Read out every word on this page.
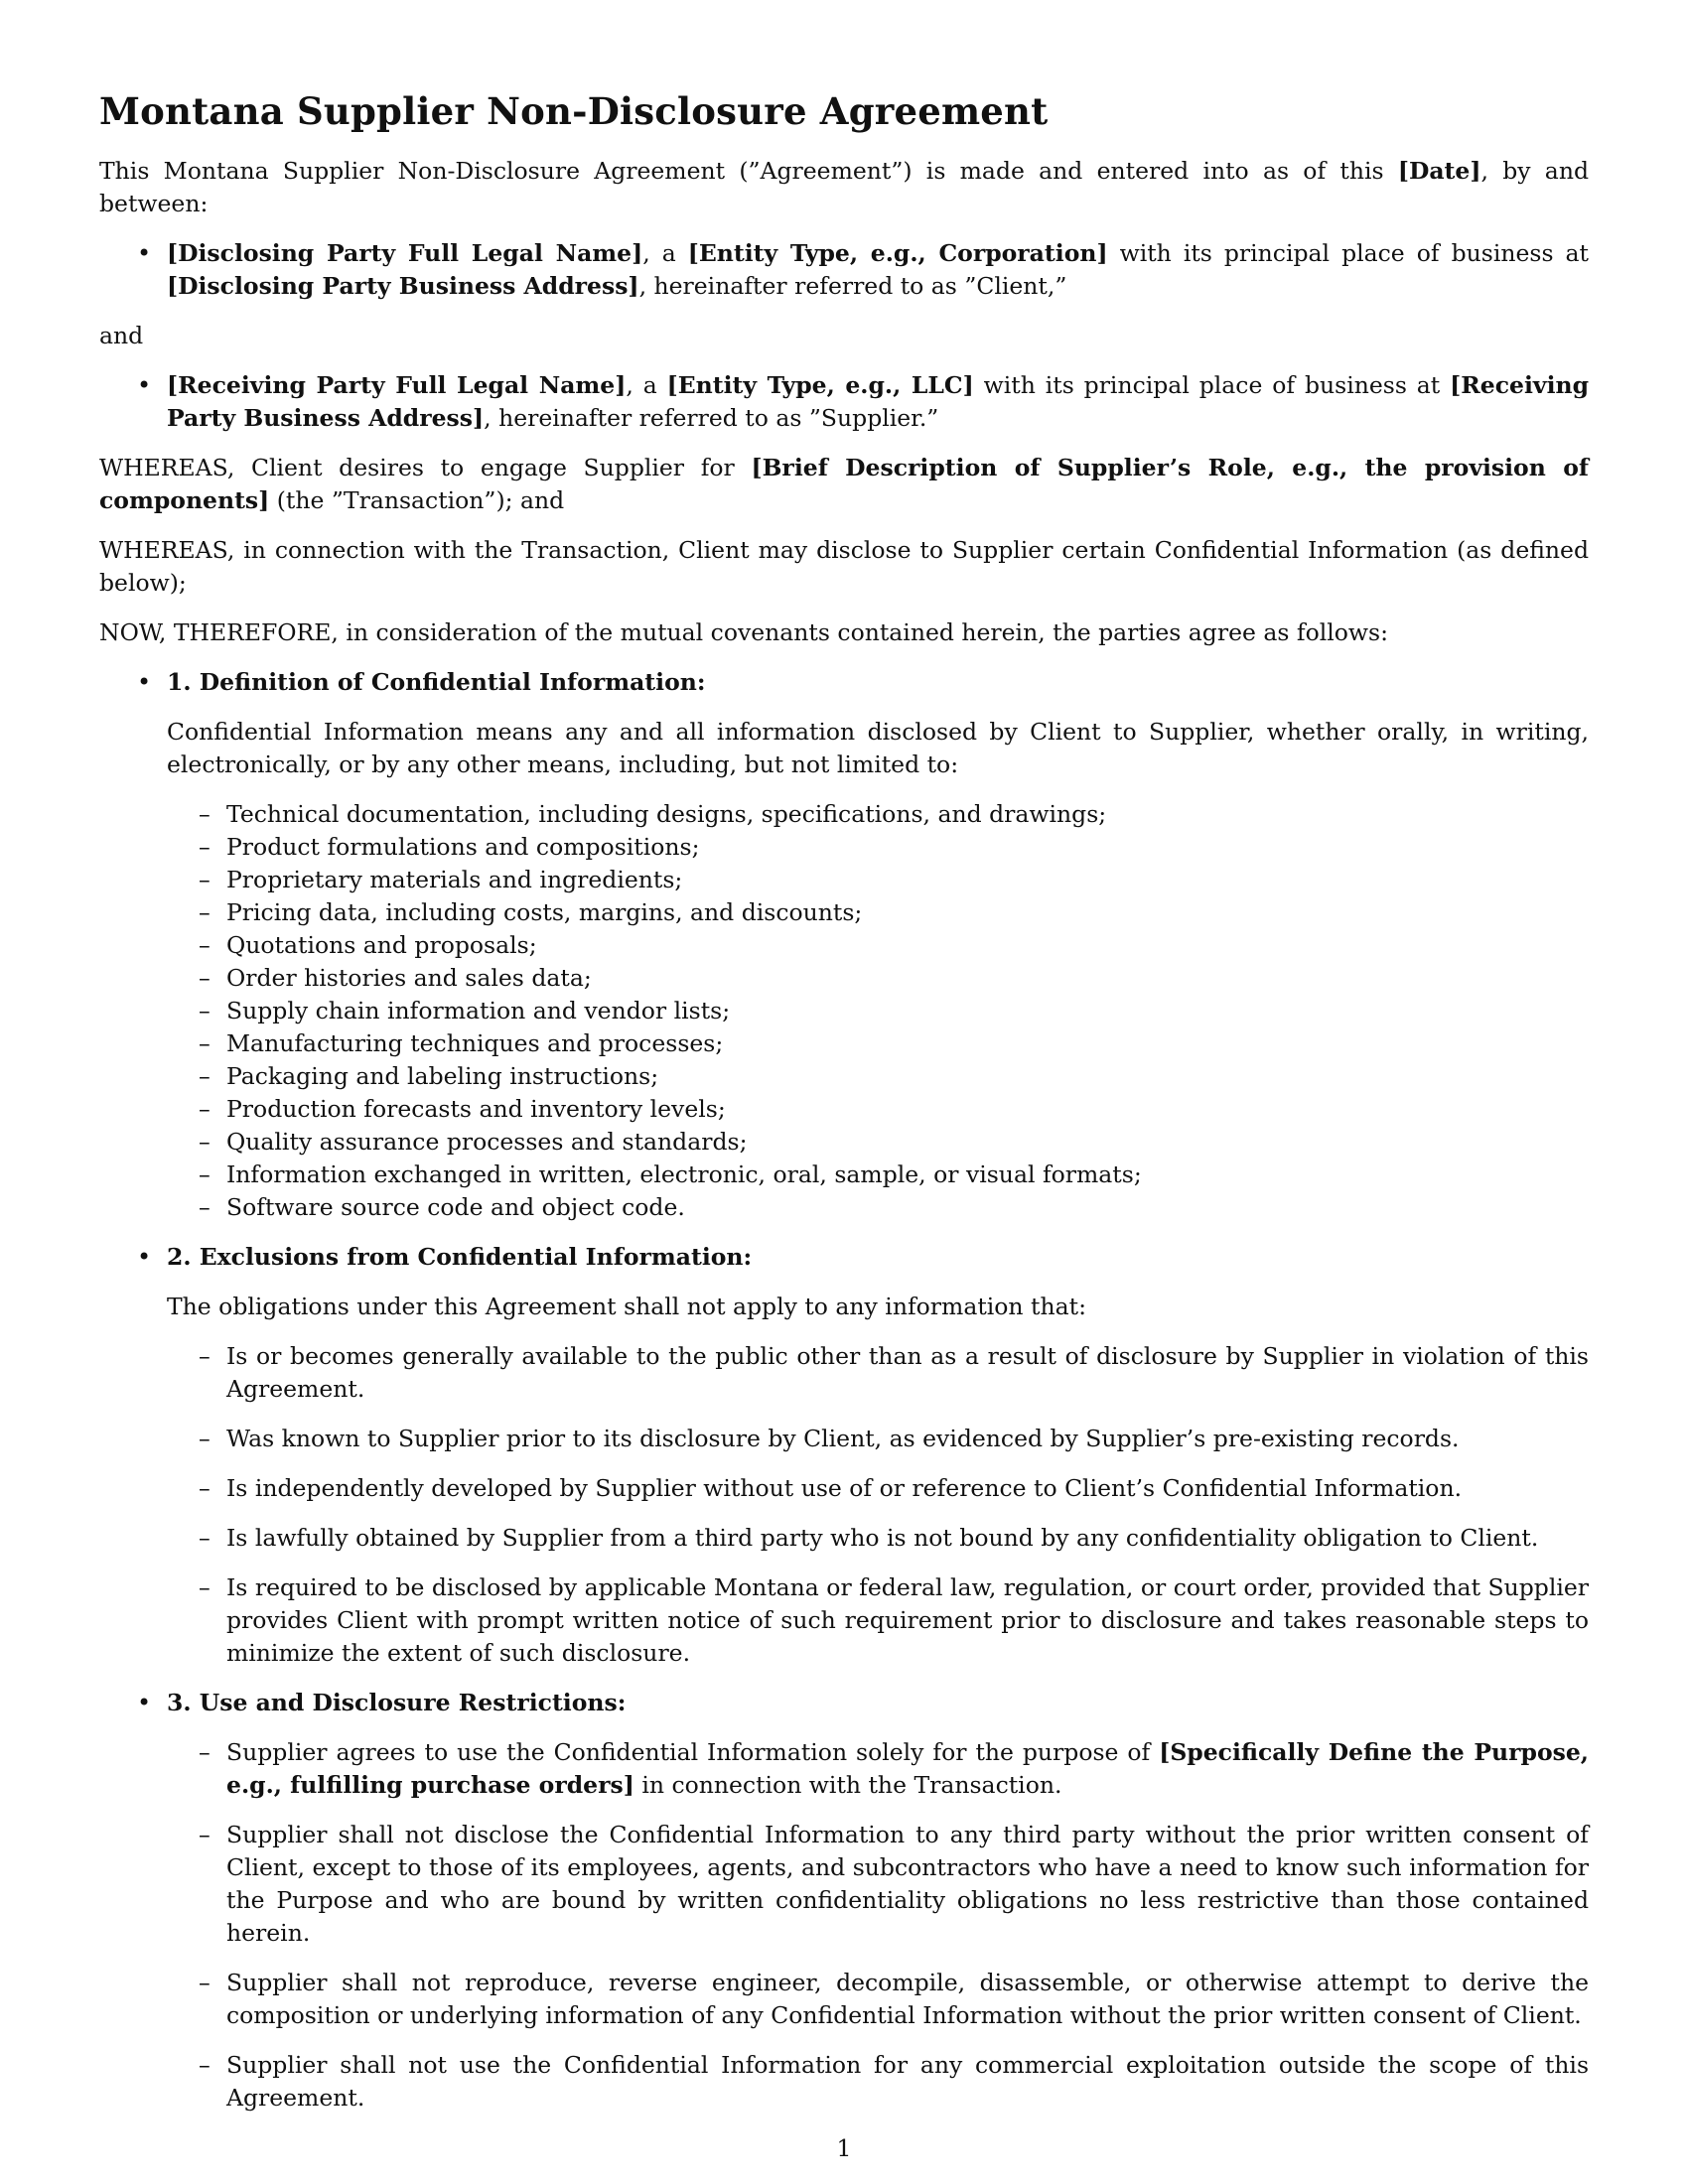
Montana Supplier Non-Disclosure Agreement

This Montana Supplier Non-Disclosure Agreement (”Agreement”) is made and entered into as of this [Date], by and between:

• [Disclosing Party Full Legal Name], a [Entity Type, e.g., Corporation] with its principal place of business at [Disclosing Party Business Address], hereinafter referred to as ”Client,”

and

• [Receiving Party Full Legal Name], a [Entity Type, e.g., LLC] with its principal place of business at [Receiving Party Business Address], hereinafter referred to as ”Supplier.”

WHEREAS, Client desires to engage Supplier for [Brief Description of Supplier’s Role, e.g., the provision of components] (the ”Transaction”); and

WHEREAS, in connection with the Transaction, Client may disclose to Supplier certain Confidential Information (as defined below);

NOW, THEREFORE, in consideration of the mutual covenants contained herein, the parties agree as follows:

• 1. Definition of Confidential Information:

Confidential Information means any and all information disclosed by Client to Supplier, whether orally, in writing, electronically, or by any other means, including, but not limited to:

– Technical documentation, including designs, specifications, and drawings;
– Product formulations and compositions;
– Proprietary materials and ingredients;
– Pricing data, including costs, margins, and discounts;
– Quotations and proposals;
– Order histories and sales data;
– Supply chain information and vendor lists;
– Manufacturing techniques and processes;
– Packaging and labeling instructions;
– Production forecasts and inventory levels;
– Quality assurance processes and standards;
– Information exchanged in written, electronic, oral, sample, or visual formats;
– Software source code and object code.
• 2. Exclusions from Confidential Information:

The obligations under this Agreement shall not apply to any information that:

– Is or becomes generally available to the public other than as a result of disclosure by Supplier in violation of this Agreement.
– Was known to Supplier prior to its disclosure by Client, as evidenced by Supplier’s pre-existing records.
– Is independently developed by Supplier without use of or reference to Client’s Confidential Information.
– Is lawfully obtained by Supplier from a third party who is not bound by any confidentiality obligation to Client.
– Is required to be disclosed by applicable Montana or federal law, regulation, or court order, provided that Supplier provides Client with prompt written notice of such requirement prior to disclosure and takes reasonable steps to minimize the extent of such disclosure.
• 3. Use and Disclosure Restrictions:
– Supplier agrees to use the Confidential Information solely for the purpose of [Specifically Define the Purpose, e.g., fulfilling purchase orders] in connection with the Transaction.
– Supplier shall not disclose the Confidential Information to any third party without the prior written consent of Client, except to those of its employees, agents, and subcontractors who have a need to know such information for the Purpose and who are bound by written confidentiality obligations no less restrictive than those contained herein.
– Supplier shall not reproduce, reverse engineer, decompile, disassemble, or otherwise attempt to derive the composition or underlying information of any Confidential Information without the prior written consent of Client.
– Supplier shall not use the Confidential Information for any commercial exploitation outside the scope of this Agreement.
1
